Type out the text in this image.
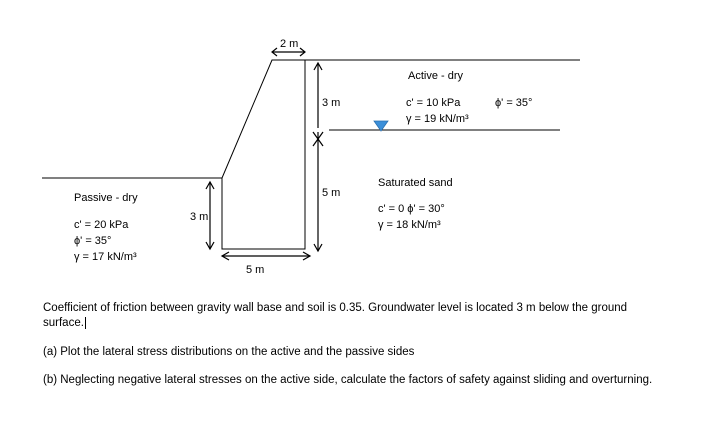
2 m
3 m
5 m
3 m
5 m
Active - dry
c' = 10 kPa
γ = 19 kN/m³
ϕ' = 35°
Saturated sand
c' = 0 ϕ' = 30°
γ = 18 kN/m³
Passive - dry
c' = 20 kPa
ϕ' = 35°
γ = 17 kN/m³

Coefficient of friction between gravity wall base and soil is 0.35. Groundwater level is located 3 m below the ground surface.

(a) Plot the lateral stress distributions on the active and the passive sides

(b) Neglecting negative lateral stresses on the active side, calculate the factors of safety against sliding and overturning.
